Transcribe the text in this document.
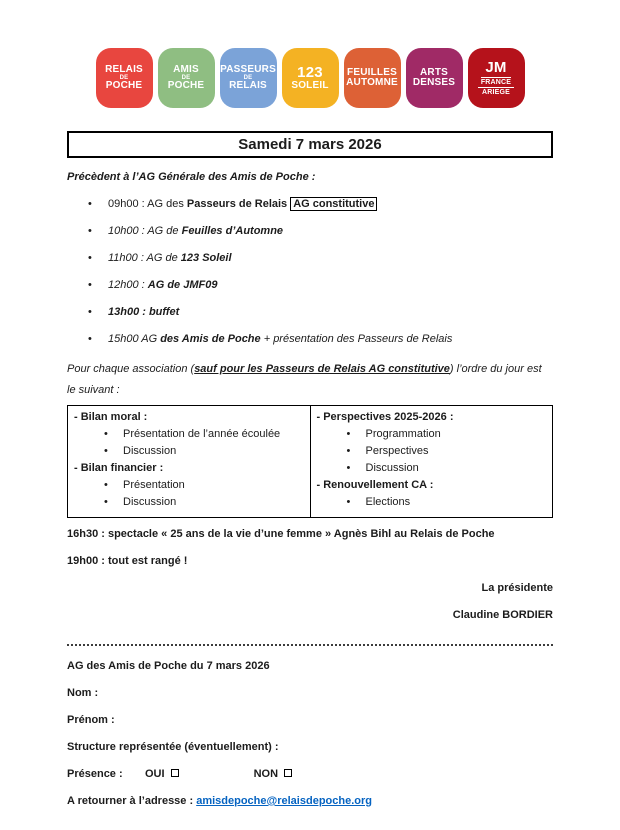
RELAIS
DE
POCHE
AMIS
DE
POCHE
PASSEURS
DE
RELAIS
123
SOLEIL
FEUILLES
AUTOMNE
ARTS
DENSES
JM
FRANCE
ARIEGE
Samedi 7 mars 2026

Précèdent à l’AG Générale des Amis de Poche :

•
09h00 : AG des Passeurs de Relais AG constitutive
•
10h00 : AG de Feuilles d’Automne
•
11h00 : AG de 123 Soleil
•
12h00 : AG de JMF09
•
13h00 : buffet
•
15h00 AG des Amis de Poche + présentation des Passeurs de Relais

Pour chaque association (sauf pour les Passeurs de Relais AG constitutive) l’ordre du jour est le suivant :

- Bilan moral :
•
Présentation de l’année écoulée
•
Discussion
- Bilan financier :
•
Présentation
•
Discussion

- Perspectives 2025-2026 :
•
Programmation
•
Perspectives
•
Discussion
- Renouvellement CA :
•
Elections

16h30 : spectacle « 25 ans de la vie d’une femme » Agnès Bihl au Relais de Poche

19h00 : tout est rangé !

La présidente

Claudine BORDIER

AG des Amis de Poche du 7 mars 2026

Nom :

Prénom :

Structure représentée (éventuellement) :

Présence : OUI	NON

A retourner à l’adresse : amisdepoche@relaisdepoche.org
